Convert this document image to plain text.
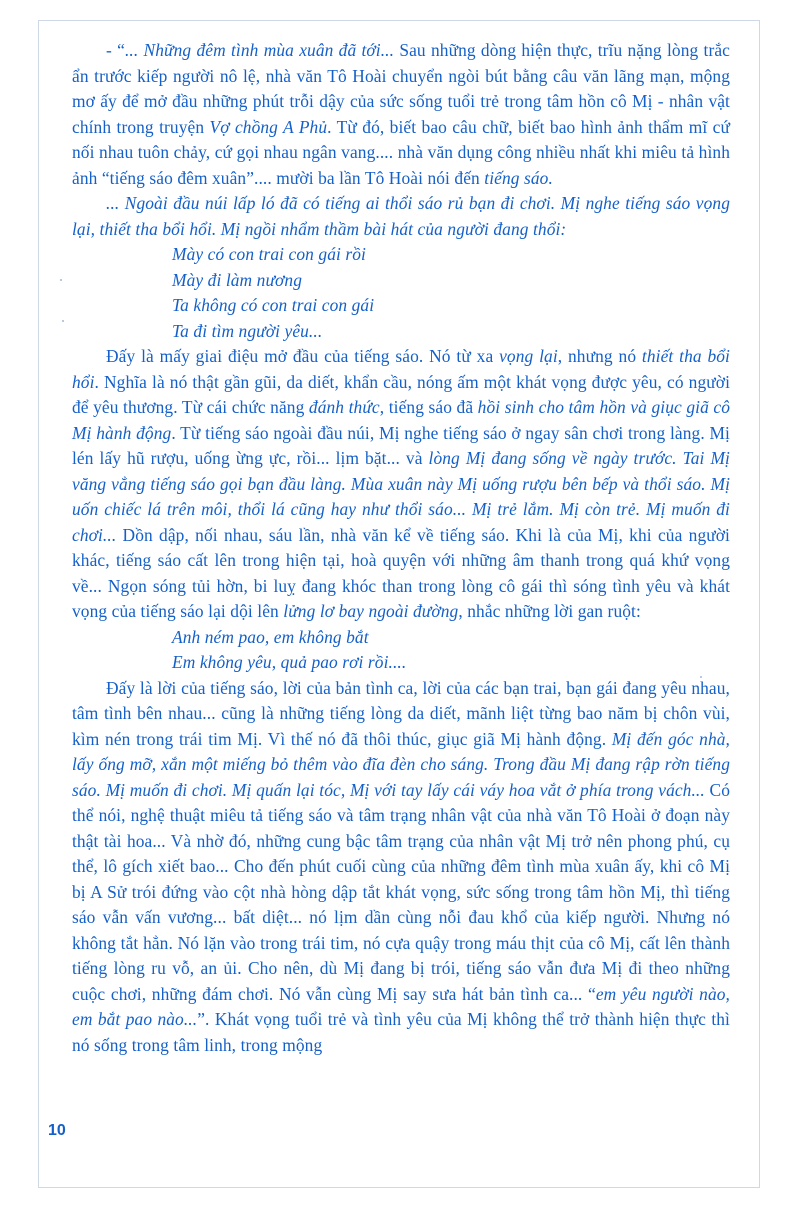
- “... Những đêm tình mùa xuân đã tới... Sau những dòng hiện thực, trĩu nặng lòng trắc ẩn trước kiếp người nô lệ, nhà văn Tô Hoài chuyển ngòi bút bằng câu văn lãng mạn, mộng mơ ấy để mở đầu những phút trỗi dậy của sức sống tuổi trẻ trong tâm hồn cô Mị - nhân vật chính trong truyện Vợ chồng A Phủ. Từ đó, biết bao câu chữ, biết bao hình ảnh thẩm mĩ cứ nối nhau tuôn chảy, cứ gọi nhau ngân vang.... nhà văn dụng công nhiều nhất khi miêu tả hình ảnh “tiếng sáo đêm xuân”.... mười ba lần Tô Hoài nói đến tiếng sáo.

... Ngoài đầu núi lấp ló đã có tiếng ai thổi sáo rủ bạn đi chơi. Mị nghe tiếng sáo vọng lại, thiết tha bổi hổi. Mị ngồi nhẩm thầm bài hát của người đang thổi:

Mày có con trai con gái rồi

Mày đi làm nương

Ta không có con trai con gái

Ta đi tìm người yêu...

Đấy là mấy giai điệu mở đầu của tiếng sáo. Nó từ xa vọng lại, nhưng nó thiết tha bổi hổi. Nghĩa là nó thật gần gũi, da diết, khẩn cầu, nóng ấm một khát vọng được yêu, có người để yêu thương. Từ cái chức năng đánh thức, tiếng sáo đã hồi sinh cho tâm hồn và giục giã cô Mị hành động. Từ tiếng sáo ngoài đầu núi, Mị nghe tiếng sáo ở ngay sân chơi trong làng. Mị lén lấy hũ rượu, uống ừng ực, rồi... lịm bặt... và lòng Mị đang sống về ngày trước. Tai Mị văng vẳng tiếng sáo gọi bạn đầu làng. Mùa xuân này Mị uống rượu bên bếp và thổi sáo. Mị uốn chiếc lá trên môi, thổi lá cũng hay như thổi sáo... Mị trẻ lắm. Mị còn trẻ. Mị muốn đi chơi... Dồn dập, nối nhau, sáu lần, nhà văn kể về tiếng sáo. Khi là của Mị, khi của người khác, tiếng sáo cất lên trong hiện tại, hoà quyện với những âm thanh trong quá khứ vọng về... Ngọn sóng tủi hờn, bi luỵ đang khóc than trong lòng cô gái thì sóng tình yêu và khát vọng của tiếng sáo lại dội lên lửng lơ bay ngoài đường, nhắc những lời gan ruột:

Anh ném pao, em không bắt

Em không yêu, quả pao rơi rồi....

Đấy là lời của tiếng sáo, lời của bản tình ca, lời của các bạn trai, bạn gái đang yêu nhau, tâm tình bên nhau... cũng là những tiếng lòng da diết, mãnh liệt từng bao năm bị chôn vùi, kìm nén trong trái tim Mị. Vì thế nó đã thôi thúc, giục giã Mị hành động. Mị đến góc nhà, lấy ống mỡ, xắn một miếng bỏ thêm vào đĩa đèn cho sáng. Trong đầu Mị đang rập rờn tiếng sáo. Mị muốn đi chơi. Mị quấn lại tóc, Mị với tay lấy cái váy hoa vắt ở phía trong vách... Có thể nói, nghệ thuật miêu tả tiếng sáo và tâm trạng nhân vật của nhà văn Tô Hoài ở đoạn này thật tài hoa... Và nhờ đó, những cung bậc tâm trạng của nhân vật Mị trở nên phong phú, cụ thể, lô gích xiết bao... Cho đến phút cuối cùng của những đêm tình mùa xuân ấy, khi cô Mị bị A Sử trói đứng vào cột nhà hòng dập tắt khát vọng, sức sống trong tâm hồn Mị, thì tiếng sáo vẫn vấn vương... bất diệt... nó lịm dần cùng nỗi đau khổ của kiếp người. Nhưng nó không tắt hẳn. Nó lặn vào trong trái tim, nó cựa quậy trong máu thịt của cô Mị, cất lên thành tiếng lòng ru vỗ, an ủi. Cho nên, dù Mị đang bị trói, tiếng sáo vẫn đưa Mị đi theo những cuộc chơi, những đám chơi. Nó vẫn cùng Mị say sưa hát bản tình ca... “em yêu người nào, em bắt pao nào...”. Khát vọng tuổi trẻ và tình yêu của Mị không thể trở thành hiện thực thì nó sống trong tâm linh, trong mộng

10
